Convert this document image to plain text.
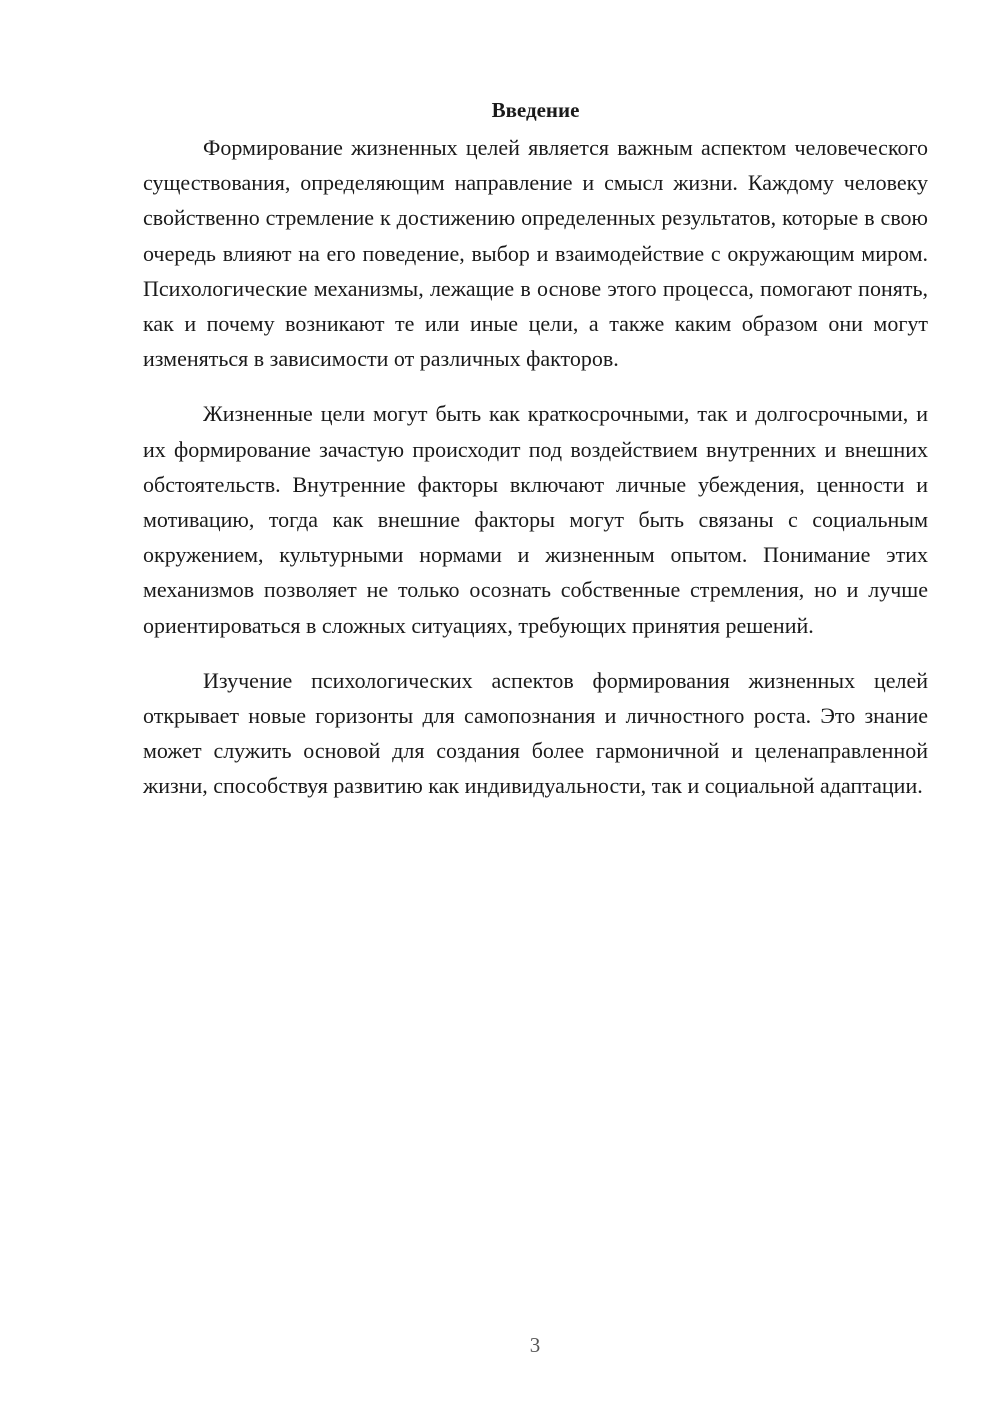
Введение

Формирование жизненных целей является важным аспектом человеческого существования, определяющим направление и смысл жизни. Каждому человеку свойственно стремление к достижению определенных результатов, которые в свою очередь влияют на его поведение, выбор и взаимодействие с окружающим миром. Психологические механизмы, лежащие в основе этого процесса, помогают понять, как и почему возникают те или иные цели, а также каким образом они могут изменяться в зависимости от различных факторов.

Жизненные цели могут быть как краткосрочными, так и долгосрочными, и их формирование зачастую происходит под воздействием внутренних и внешних обстоятельств. Внутренние факторы включают личные убеждения, ценности и мотивацию, тогда как внешние факторы могут быть связаны с социальным окружением, культурными нормами и жизненным опытом. Понимание этих механизмов позволяет не только осознать собственные стремления, но и лучше ориентироваться в сложных ситуациях, требующих принятия решений.

Изучение психологических аспектов формирования жизненных целей открывает новые горизонты для самопознания и личностного роста. Это знание может служить основой для создания более гармоничной и целенаправленной жизни, способствуя развитию как индивидуальности, так и социальной адаптации.

3
